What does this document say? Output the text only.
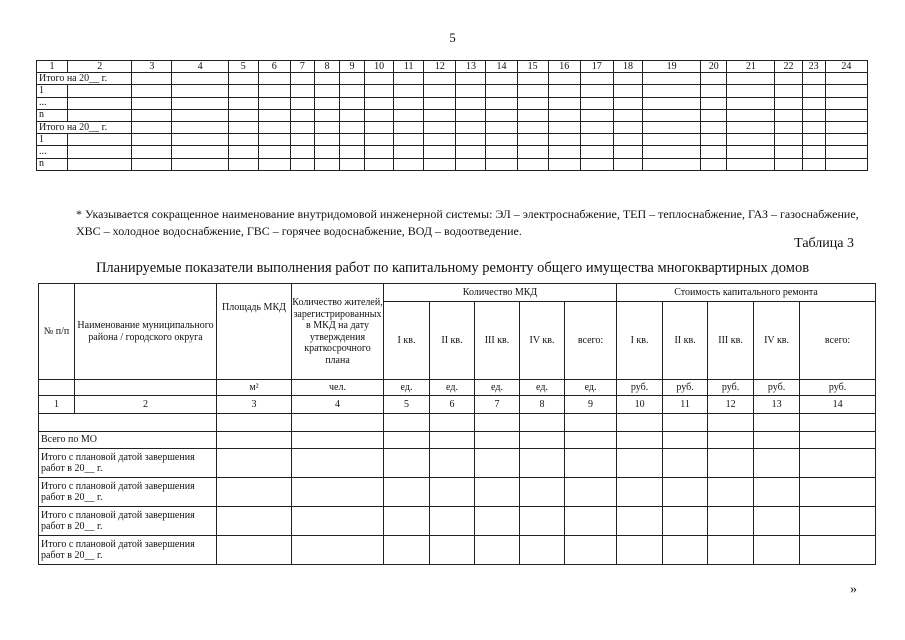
5
1	2	3	4	5	6	7	8	9	10	11	12	13	14	15	16	17	18	19	20	21	22	23	24
Итого на 20__ г.																							
1																							
...																							
n																							
Итого на 20__ г.																							
1																							
...																							
n																							
* Указывается сокращенное наименование внутридомовой инженерной системы: ЭЛ – электроснабжение, ТЕП – теплоснабжение, ГАЗ – газоснабжение, ХВС – холодное водоснабжение, ГВС – горячее водоснабжение, ВОД – водоотведение.
Таблица 3
Планируемые показатели выполнения работ по капитальному ремонту общего имущества многоквартирных домов
№ п/п	Наименование муниципального района / городского округа	Площадь МКД	Количество жителей, зарегистрированных в МКД на дату утверждения краткосрочного плана	Количество МКД					Стоимость капитального ремонта				
				I кв.	II кв.	III кв.	IV кв.	всего:	I кв.	II кв.	III кв.	IV кв.	всего:
		м²	чел.	ед.	ед.	ед.	ед.	ед.	руб.	руб.	руб.	руб.	руб.
1	2	3	4	5	6	7	8	9	10	11	12	13	14

Всего по МО													
Итого с плановой датой завершения работ в 20__ г.													
Итого с плановой датой завершения работ в 20__ г.													
Итого с плановой датой завершения работ в 20__ г.													
Итого с плановой датой завершения работ в 20__ г.													
»
